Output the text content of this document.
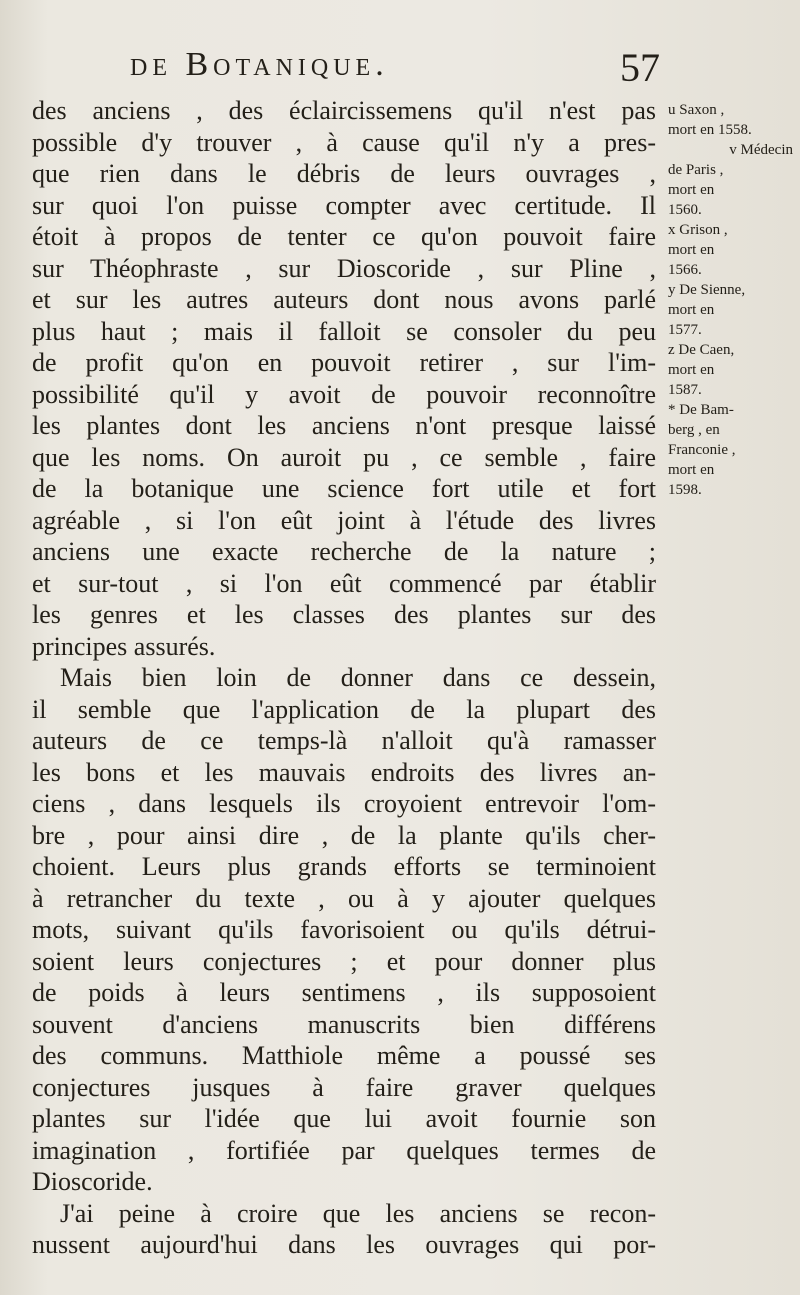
de Botanique.	57
des anciens , des éclaircissemens qu'il n'est pas
possible d'y trouver , à cause qu'il n'y a pres-
que rien dans le débris de leurs ouvrages ,
sur quoi l'on puisse compter avec certitude. Il
étoit à propos de tenter ce qu'on pouvoit faire
sur Théophraste , sur Dioscoride , sur Pline ,
et sur les autres auteurs dont nous avons parlé
plus haut ; mais il falloit se consoler du peu
de profit qu'on en pouvoit retirer , sur l'im-
possibilité qu'il y avoit de pouvoir reconnoître
les plantes dont les anciens n'ont presque laissé
que les noms. On auroit pu , ce semble , faire
de la botanique une science fort utile et fort
agréable , si l'on eût joint à l'étude des livres
anciens une exacte recherche de la nature ;
et sur-tout , si l'on eût commencé par établir
les genres et les classes des plantes sur des
principes assurés.
Mais bien loin de donner dans ce dessein,
il semble que l'application de la plupart des
auteurs de ce temps-là n'alloit qu'à ramasser
les bons et les mauvais endroits des livres an-
ciens , dans lesquels ils croyoient entrevoir l'om-
bre , pour ainsi dire , de la plante qu'ils cher-
choient. Leurs plus grands efforts se terminoient
à retrancher du texte , ou à y ajouter quelques
mots, suivant qu'ils favorisoient ou qu'ils détrui-
soient leurs conjectures ; et pour donner plus
de poids à leurs sentimens , ils supposoient
souvent d'anciens manuscrits bien différens
des communs. Matthiole même a poussé ses
conjectures jusques à faire graver quelques
plantes sur l'idée que lui avoit fournie son
imagination , fortifiée par quelques termes de
Dioscoride.
J'ai peine à croire que les anciens se recon-
nussent aujourd'hui dans les ouvrages qui por-
u Saxon ,
mort en 1558.
v Médecin
de Paris ,
mort en
1560.
x Grison ,
mort en
1566.
y De Sienne,
mort en
1577.
z De Caen,
mort en
1587.
* De Bam-
berg , en
Franconie ,
mort en
1598.
